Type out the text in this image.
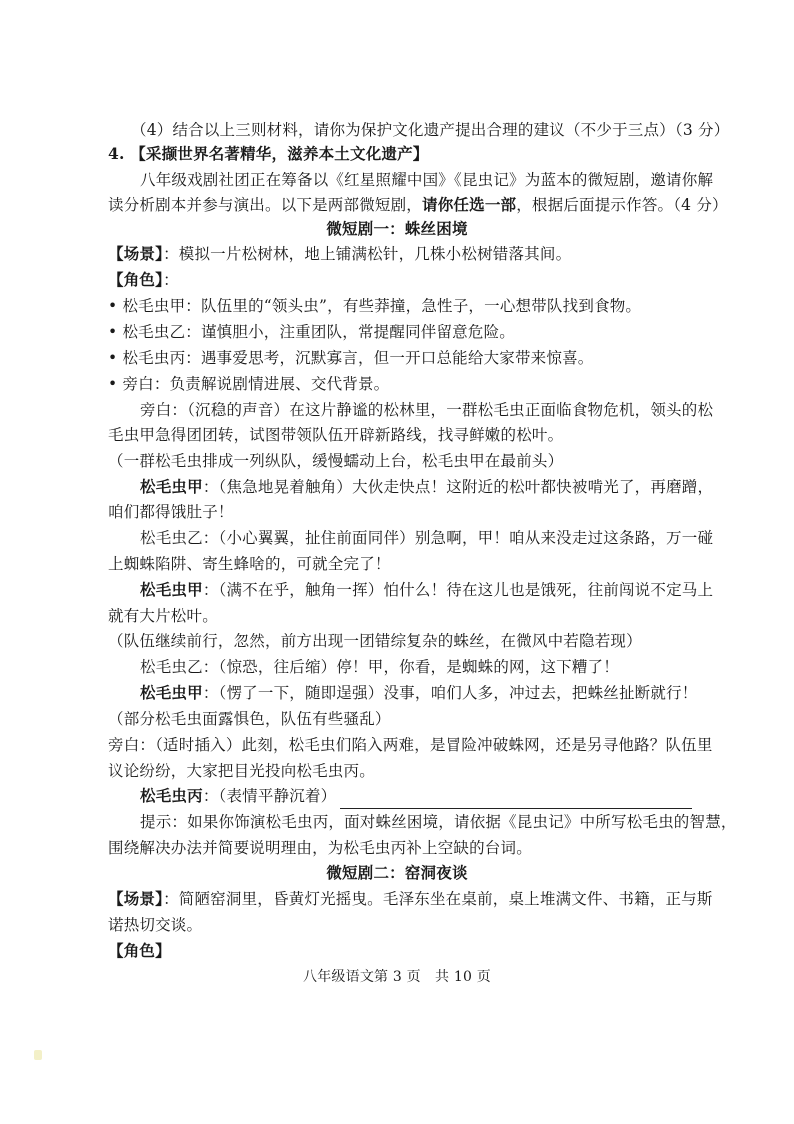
（4）结合以上三则材料，请你为保护文化遗产提出合理的建议（不少于三点）（3 分）
4. 【采撷世界名著精华，滋养本土文化遗产】
八年级戏剧社团正在筹备以《红星照耀中国》《昆虫记》为蓝本的微短剧，邀请你解
读分析剧本并参与演出。以下是两部微短剧，请你任选一部，根据后面提示作答。（4 分）
微短剧一：蛛丝困境
【场景】：模拟一片松树林，地上铺满松针，几株小松树错落其间。
【角色】：
• 松毛虫甲：队伍里的“领头虫”，有些莽撞，急性子，一心想带队找到食物。
• 松毛虫乙：谨慎胆小，注重团队，常提醒同伴留意危险。
• 松毛虫丙：遇事爱思考，沉默寡言，但一开口总能给大家带来惊喜。
• 旁白：负责解说剧情进展、交代背景。
旁白：（沉稳的声音）在这片静谧的松林里，一群松毛虫正面临食物危机，领头的松
毛虫甲急得团团转，试图带领队伍开辟新路线，找寻鲜嫩的松叶。
（一群松毛虫排成一列纵队，缓慢蠕动上台，松毛虫甲在最前头）
松毛虫甲：（焦急地晃着触角）大伙走快点！这附近的松叶都快被啃光了，再磨蹭，
咱们都得饿肚子！
松毛虫乙：（小心翼翼，扯住前面同伴）别急啊，甲！咱从来没走过这条路，万一碰
上蜘蛛陷阱、寄生蜂啥的，可就全完了！
松毛虫甲：（满不在乎，触角一挥）怕什么！待在这儿也是饿死，往前闯说不定马上
就有大片松叶。
（队伍继续前行，忽然，前方出现一团错综复杂的蛛丝，在微风中若隐若现）
松毛虫乙：（惊恐，往后缩）停！甲，你看，是蜘蛛的网，这下糟了！
松毛虫甲：（愣了一下，随即逞强）没事，咱们人多，冲过去，把蛛丝扯断就行！
（部分松毛虫面露惧色，队伍有些骚乱）
旁白：（适时插入）此刻，松毛虫们陷入两难，是冒险冲破蛛网，还是另寻他路？队伍里
议论纷纷，大家把目光投向松毛虫丙。
松毛虫丙：（表情平静沉着）
提示：如果你饰演松毛虫丙，面对蛛丝困境，请依据《昆虫记》中所写松毛虫的智慧，
围绕解决办法并简要说明理由，为松毛虫丙补上空缺的台词。
微短剧二：窑洞夜谈
【场景】：简陋窑洞里，昏黄灯光摇曳。毛泽东坐在桌前，桌上堆满文件、书籍，正与斯
诺热切交谈。
【角色】
八年级语文第 3 页　共 10 页
